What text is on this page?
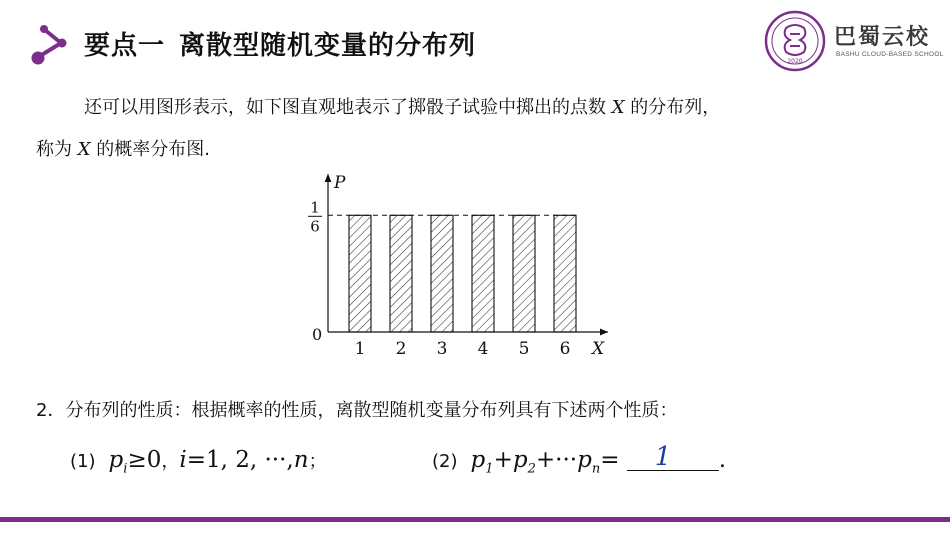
要点一 离散型随机变量的分布列
2020
巴蜀云校
BASHU CLOUD-BASED SCHOOL
还可以用图形表示，如下图直观地表示了掷骰子试验中掷出的点数 X 的分布列，
称为 X 的概率分布图.
P
X
0
1
6
1 2 3 4 5 6
2．分布列的性质：根据概率的性质，离散型随机变量分布列具有下述两个性质：
(1) $p_i\ge 0$，i=1, 2, ···,n；	(2) $p_1+p_2+\cdot\cdot\cdot p_n= 1$ .
